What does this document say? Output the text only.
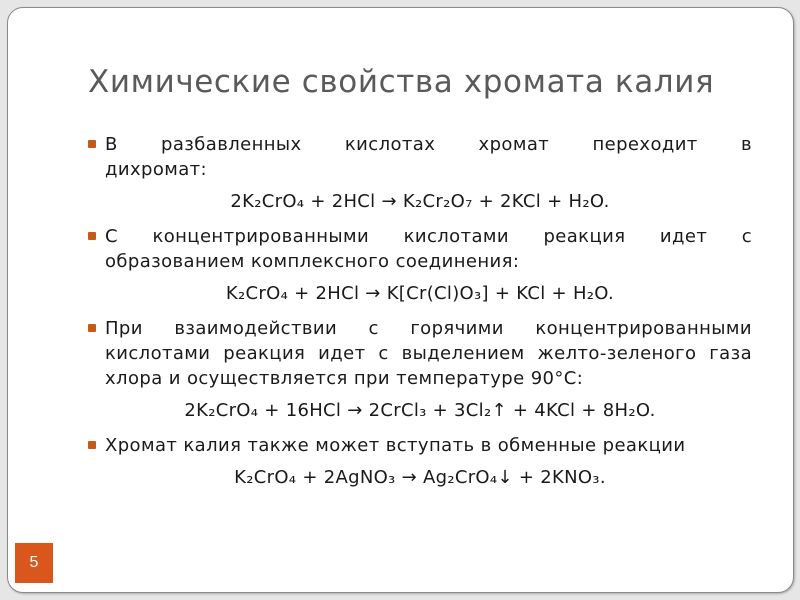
Химические свойства хромата калия
В разбавленных кислотах хромат переходит в
дихромат:
2K₂CrO₄ + 2HCl → K₂Cr₂O₇ + 2KCl + H₂O.
С концентрированными кислотами реакция идет с образованием комплексного соединения:
K₂CrO₄ + 2HCl → K[Cr(Cl)O₃] + KCl + H₂O.
При взаимодействии с горячими концентрированными кислотами реакция идет с выделением желто-зеленого газа хлора и осуществляется при температуре 90°C:
2K₂CrO₄ + 16HCl → 2CrCl₃ + 3Cl₂↑ + 4KCl + 8H₂O.
Хромат калия также может вступать в обменные реакции
K₂CrO₄ + 2AgNO₃ → Ag₂CrO₄↓ + 2KNO₃.
5
